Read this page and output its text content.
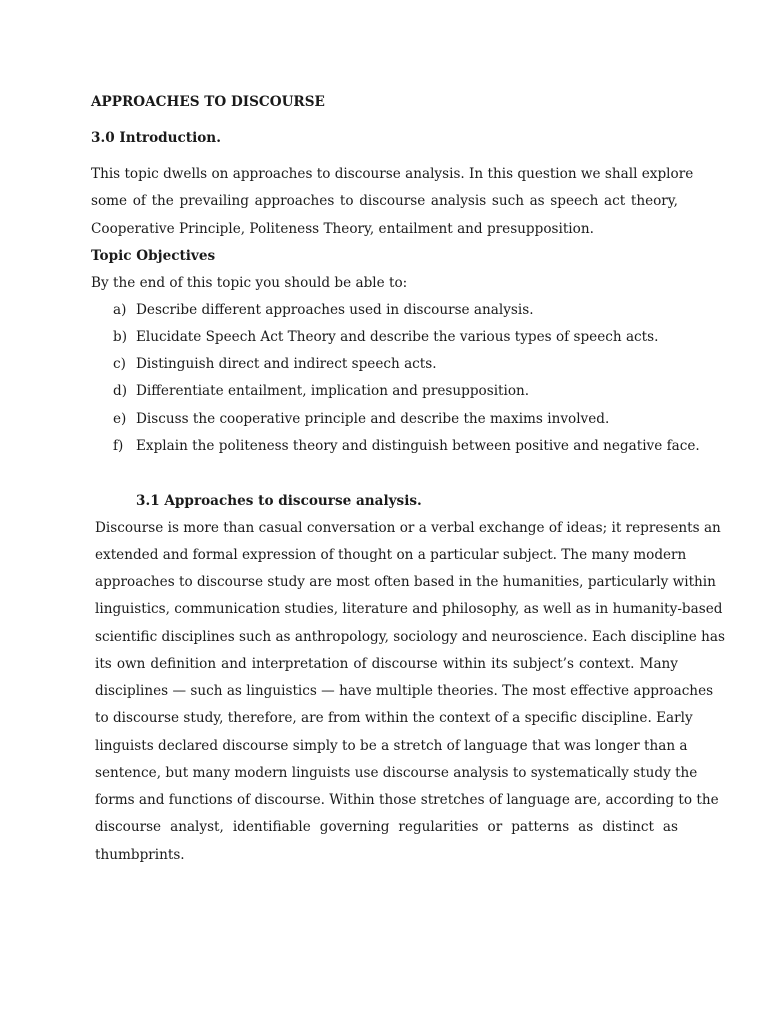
APPROACHES TO DISCOURSE
3.0 Introduction.
This topic dwells on approaches to discourse analysis. In this question we shall explore
some of the prevailing approaches to discourse analysis such as speech act theory,
Cooperative Principle, Politeness Theory, entailment and presupposition.
Topic Objectives
By the end of this topic you should be able to:
a) Describe different approaches used in discourse analysis.
b) Elucidate Speech Act Theory and describe the various types of speech acts.
c) Distinguish direct and indirect speech acts.
d) Differentiate entailment, implication and presupposition.
e) Discuss the cooperative principle and describe the maxims involved.
f) Explain the politeness theory and distinguish between positive and negative face.
3.1 Approaches to discourse analysis.
Discourse is more than casual conversation or a verbal exchange of ideas; it represents an
extended and formal expression of thought on a particular subject. The many modern
approaches to discourse study are most often based in the humanities, particularly within
linguistics, communication studies, literature and philosophy, as well as in humanity-based
scientific disciplines such as anthropology, sociology and neuroscience. Each discipline has
its own definition and interpretation of discourse within its subject’s context. Many
disciplines — such as linguistics — have multiple theories. The most effective approaches
to discourse study, therefore, are from within the context of a specific discipline. Early
linguists declared discourse simply to be a stretch of language that was longer than a
sentence, but many modern linguists use discourse analysis to systematically study the
forms and functions of discourse. Within those stretches of language are, according to the
discourse analyst, identifiable governing regularities or patterns as distinct as
thumbprints.
